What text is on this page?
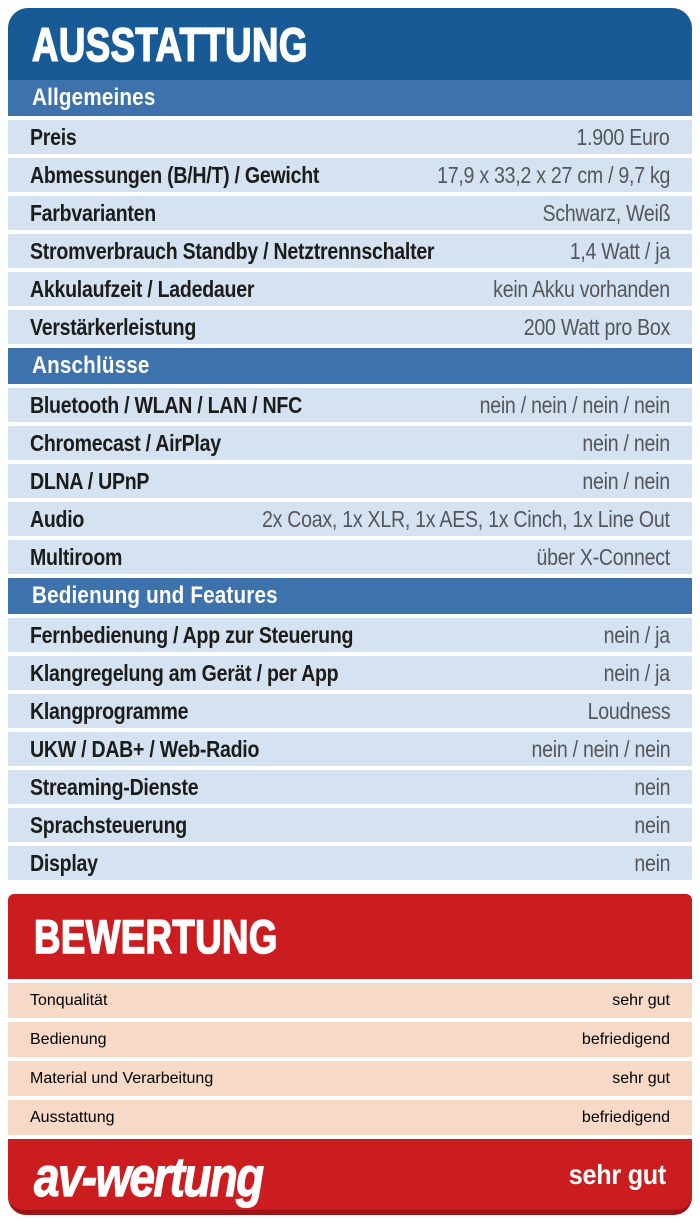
AUSSTATTUNG
Allgemeines
Preis	1.900 Euro
Abmessungen (B/H/T) / Gewicht	17,9 x 33,2 x 27 cm / 9,7 kg
Farbvarianten	Schwarz, Weiß
Stromverbrauch Standby / Netztrennschalter	1,4 Watt / ja
Akkulaufzeit / Ladedauer	kein Akku vorhanden
Verstärkerleistung	200 Watt pro Box
Anschlüsse
Bluetooth / WLAN / LAN / NFC	nein / nein / nein / nein
Chromecast / AirPlay	nein / nein
DLNA / UPnP	nein / nein
Audio	2x Coax, 1x XLR, 1x AES, 1x Cinch, 1x Line Out
Multiroom	über X-Connect
Bedienung und Features
Fernbedienung / App zur Steuerung	nein / ja
Klangregelung am Gerät / per App	nein / ja
Klangprogramme	Loudness
UKW / DAB+ / Web-Radio	nein / nein / nein
Streaming-Dienste	nein
Sprachsteuerung	nein
Display	nein
BEWERTUNG
Tonqualität	sehr gut
Bedienung	befriedigend
Material und Verarbeitung	sehr gut
Ausstattung	befriedigend
av-wertung	sehr gut
